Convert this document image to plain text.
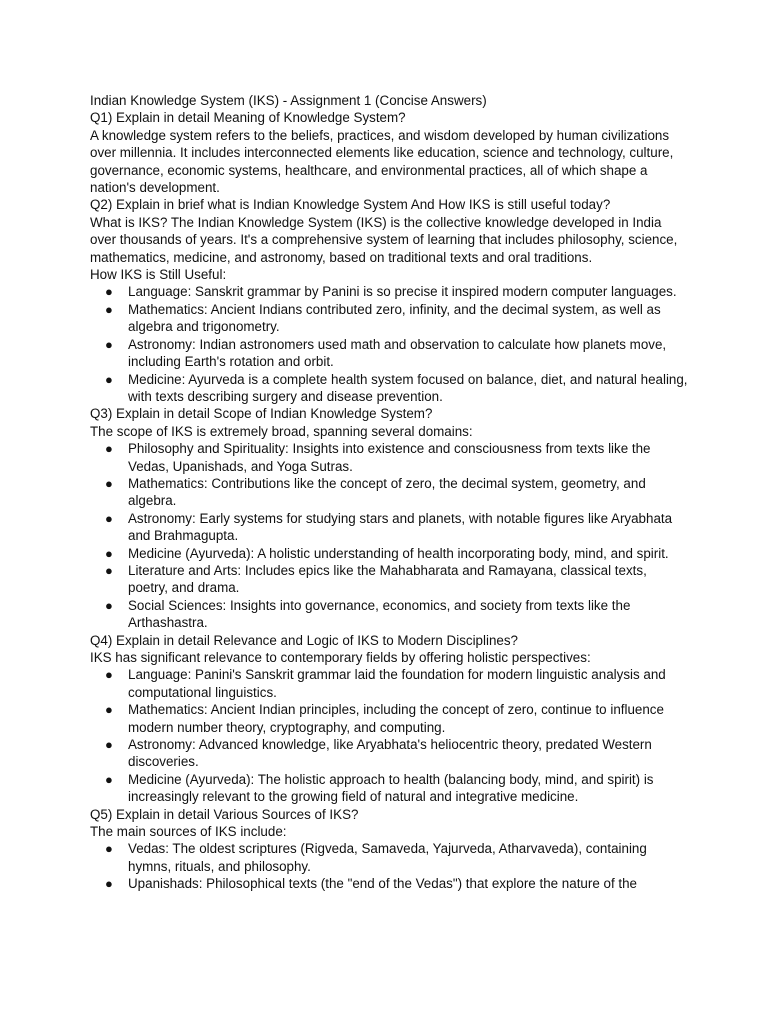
Indian Knowledge System (IKS) - Assignment 1 (Concise Answers)

Q1) Explain in detail Meaning of Knowledge System?

A knowledge system refers to the beliefs, practices, and wisdom developed by human civilizations over millennia. It includes interconnected elements like education, science and technology, culture, governance, economic systems, healthcare, and environmental practices, all of which shape a nation's development.

Q2) Explain in brief what is Indian Knowledge System And How IKS is still useful today?

What is IKS? The Indian Knowledge System (IKS) is the collective knowledge developed in India over thousands of years. It's a comprehensive system of learning that includes philosophy, science, mathematics, medicine, and astronomy, based on traditional texts and oral traditions.

How IKS is Still Useful:

● Language: Sanskrit grammar by Panini is so precise it inspired modern computer languages.
● Mathematics: Ancient Indians contributed zero, infinity, and the decimal system, as well as algebra and trigonometry.
● Astronomy: Indian astronomers used math and observation to calculate how planets move, including Earth's rotation and orbit.
● Medicine: Ayurveda is a complete health system focused on balance, diet, and natural healing, with texts describing surgery and disease prevention.

Q3) Explain in detail Scope of Indian Knowledge System?

The scope of IKS is extremely broad, spanning several domains:

● Philosophy and Spirituality: Insights into existence and consciousness from texts like the Vedas, Upanishads, and Yoga Sutras.
● Mathematics: Contributions like the concept of zero, the decimal system, geometry, and algebra.
● Astronomy: Early systems for studying stars and planets, with notable figures like Aryabhata and Brahmagupta.
● Medicine (Ayurveda): A holistic understanding of health incorporating body, mind, and spirit.
● Literature and Arts: Includes epics like the Mahabharata and Ramayana, classical texts, poetry, and drama.
● Social Sciences: Insights into governance, economics, and society from texts like the Arthashastra.

Q4) Explain in detail Relevance and Logic of IKS to Modern Disciplines?

IKS has significant relevance to contemporary fields by offering holistic perspectives:

● Language: Panini's Sanskrit grammar laid the foundation for modern linguistic analysis and computational linguistics.
● Mathematics: Ancient Indian principles, including the concept of zero, continue to influence modern number theory, cryptography, and computing.
● Astronomy: Advanced knowledge, like Aryabhata's heliocentric theory, predated Western discoveries.
● Medicine (Ayurveda): The holistic approach to health (balancing body, mind, and spirit) is increasingly relevant to the growing field of natural and integrative medicine.

Q5) Explain in detail Various Sources of IKS?

The main sources of IKS include:

● Vedas: The oldest scriptures (Rigveda, Samaveda, Yajurveda, Atharvaveda), containing hymns, rituals, and philosophy.
● Upanishads: Philosophical texts (the "end of the Vedas") that explore the nature of the
